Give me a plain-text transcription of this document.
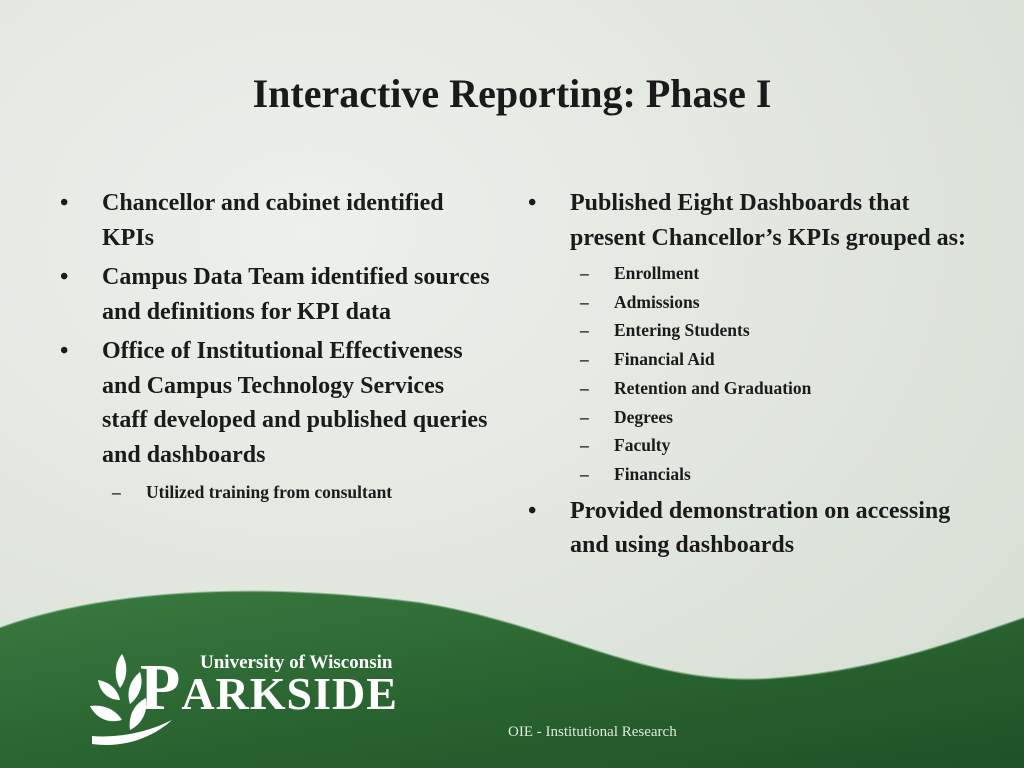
Interactive Reporting: Phase I
•	Chancellor and cabinet identified KPIs
•	Campus Data Team identified sources and definitions for KPI data
•	Office of Institutional Effectiveness and Campus Technology Services staff developed and published queries and dashboards
– Utilized training from consultant
•	Published Eight Dashboards that present Chancellor’s KPIs grouped as:
– Enrollment
– Admissions
– Entering Students
– Financial Aid
– Retention and Graduation
– Degrees
– Faculty
– Financials
•	Provided demonstration on accessing and using dashboards
University of Wisconsin
PARKSIDE
OIE - Institutional Research
